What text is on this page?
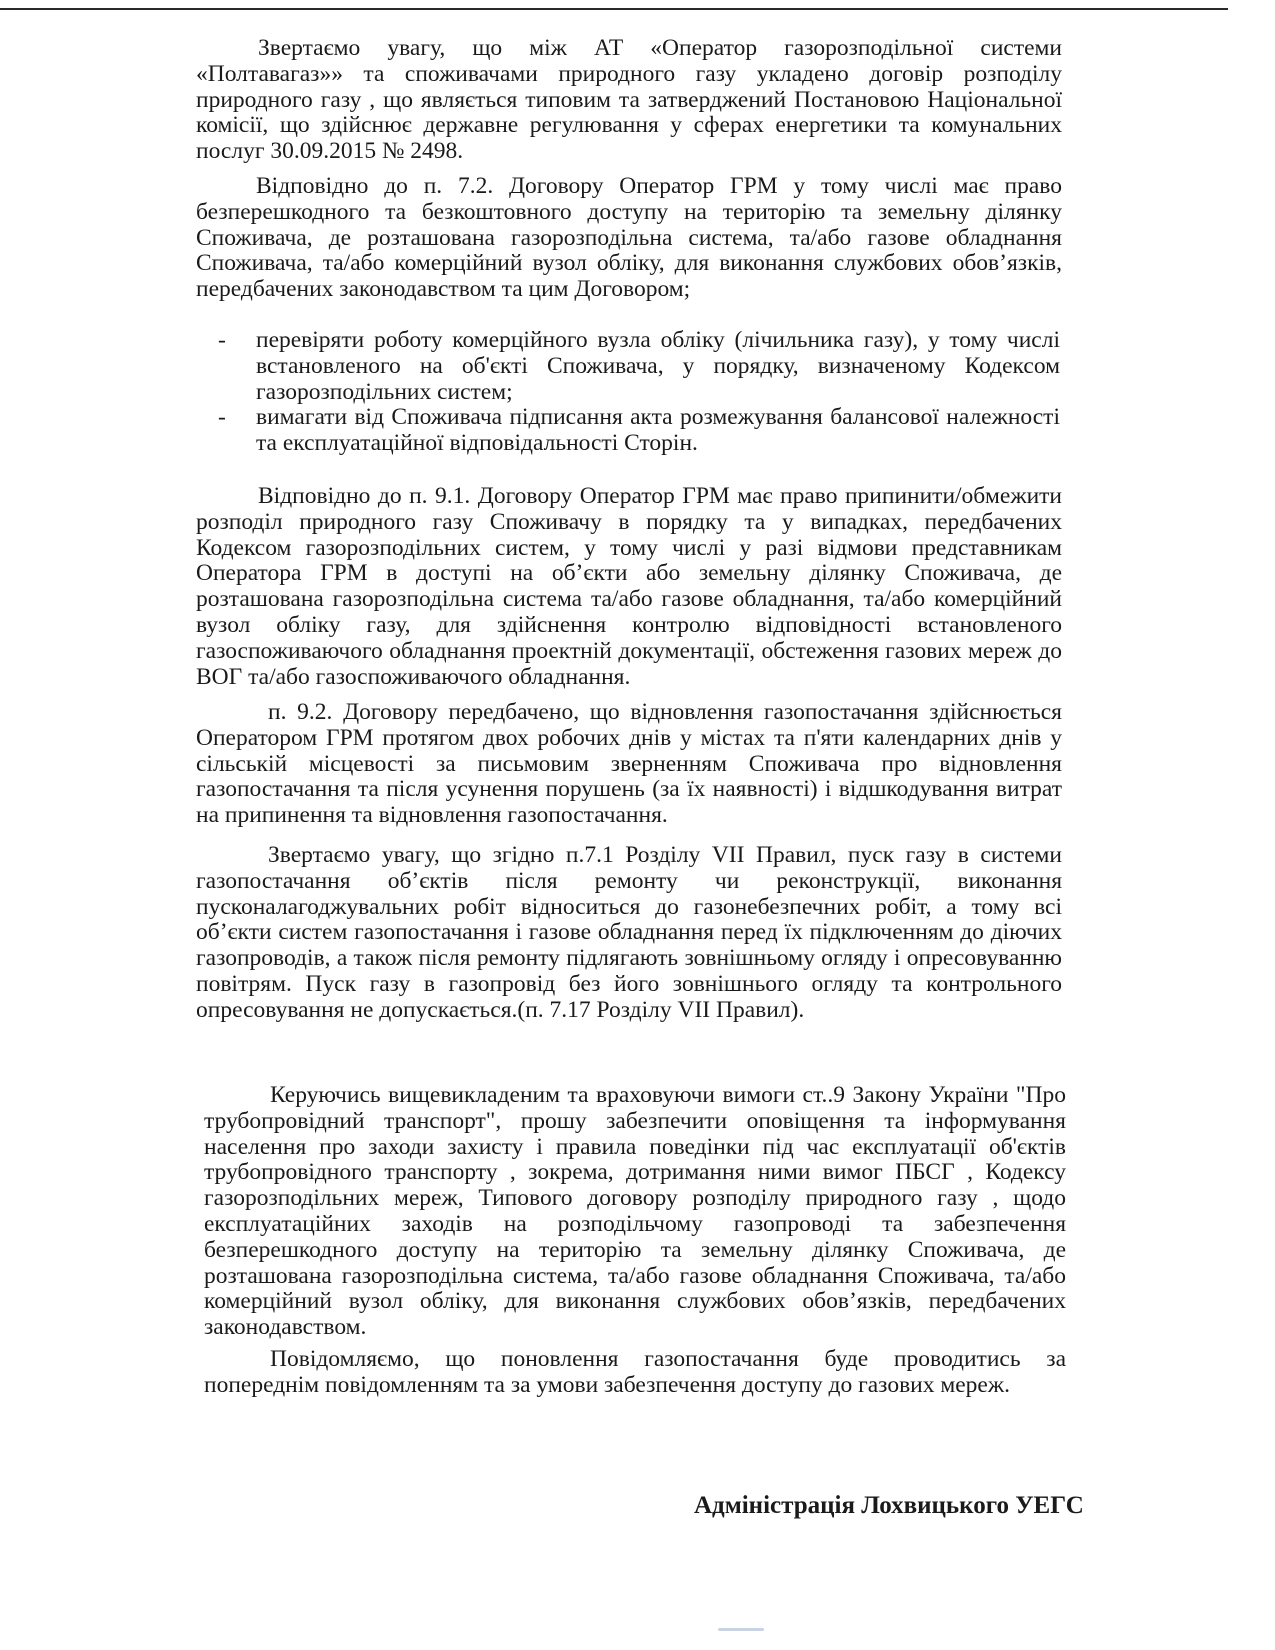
Звертаємо увагу, що між АТ «Оператор газорозподільної системи «Полтавагаз»» та споживачами природного газу укладено договір розподілу природного газу , що являється типовим та затверджений Постановою Національної комісії, що здійснює державне регулювання у сферах енергетики та комунальних послуг 30.09.2015 № 2498.

Відповідно до п. 7.2. Договору Оператор ГРМ у тому числі має право безперешкодного та безкоштовного доступу на територію та земельну ділянку Споживача, де розташована газорозподільна система, та/або газове обладнання Споживача, та/або комерційний вузол обліку, для виконання службових обов’язків, передбачених законодавством та цим Договором;

- перевіряти роботу комерційного вузла обліку (лічильника газу), у тому числі встановленого на об'єкті Споживача, у порядку, визначеному Кодексом газорозподільних систем;
- вимагати від Споживача підписання акта розмежування балансової належності та експлуатаційної відповідальності Сторін.

Відповідно до п. 9.1. Договору Оператор ГРМ має право припинити/обмежити розподіл природного газу Споживачу в порядку та у випадках, передбачених Кодексом газорозподільних систем, у тому числі у разі відмови представникам Оператора ГРМ в доступі на об’єкти або земельну ділянку Споживача, де розташована газорозподільна система та/або газове обладнання, та/або комерційний вузол обліку газу, для здійснення контролю відповідності встановленого газоспоживаючого обладнання проектній документації, обстеження газових мереж до ВОГ та/або газоспоживаючого обладнання.

п. 9.2. Договору передбачено, що відновлення газопостачання здійснюється Оператором ГРМ протягом двох робочих днів у містах та п'яти календарних днів у сільській місцевості за письмовим зверненням Споживача про відновлення газопостачання та після усунення порушень (за їх наявності) і відшкодування витрат на припинення та відновлення газопостачання.

Звертаємо увагу, що згідно п.7.1 Розділу VII Правил, пуск газу в системи газопостачання об’єктів після ремонту чи реконструкції, виконання пусконалагоджувальних робіт відноситься до газонебезпечних робіт, а тому всі об’єкти систем газопостачання і газове обладнання перед їх підключенням до діючих газопроводів, а також після ремонту підлягають зовнішньому огляду і опресовуванню повітрям. Пуск газу в газопровід без його зовнішнього огляду та контрольного опресовування не допускається.(п. 7.17 Розділу VII Правил).

Керуючись вищевикладеним та враховуючи вимоги ст..9 Закону України "Про трубопровідний транспорт", прошу забезпечити оповіщення та інформування населення про заходи захисту і правила поведінки під час експлуатації об'єктів трубопровідного транспорту , зокрема, дотримання ними вимог ПБСГ , Кодексу газорозподільних мереж, Типового договору розподілу природного газу , щодо експлуатаційних заходів на розподільчому газопроводі та забезпечення безперешкодного доступу на територію та земельну ділянку Споживача, де розташована газорозподільна система, та/або газове обладнання Споживача, та/або комерційний вузол обліку, для виконання службових обов’язків, передбачених законодавством.

Повідомляємо, що поновлення газопостачання буде проводитись за попереднім повідомленням та за умови забезпечення доступу до газових мереж.

Адміністрація Лохвицького УЕГС
